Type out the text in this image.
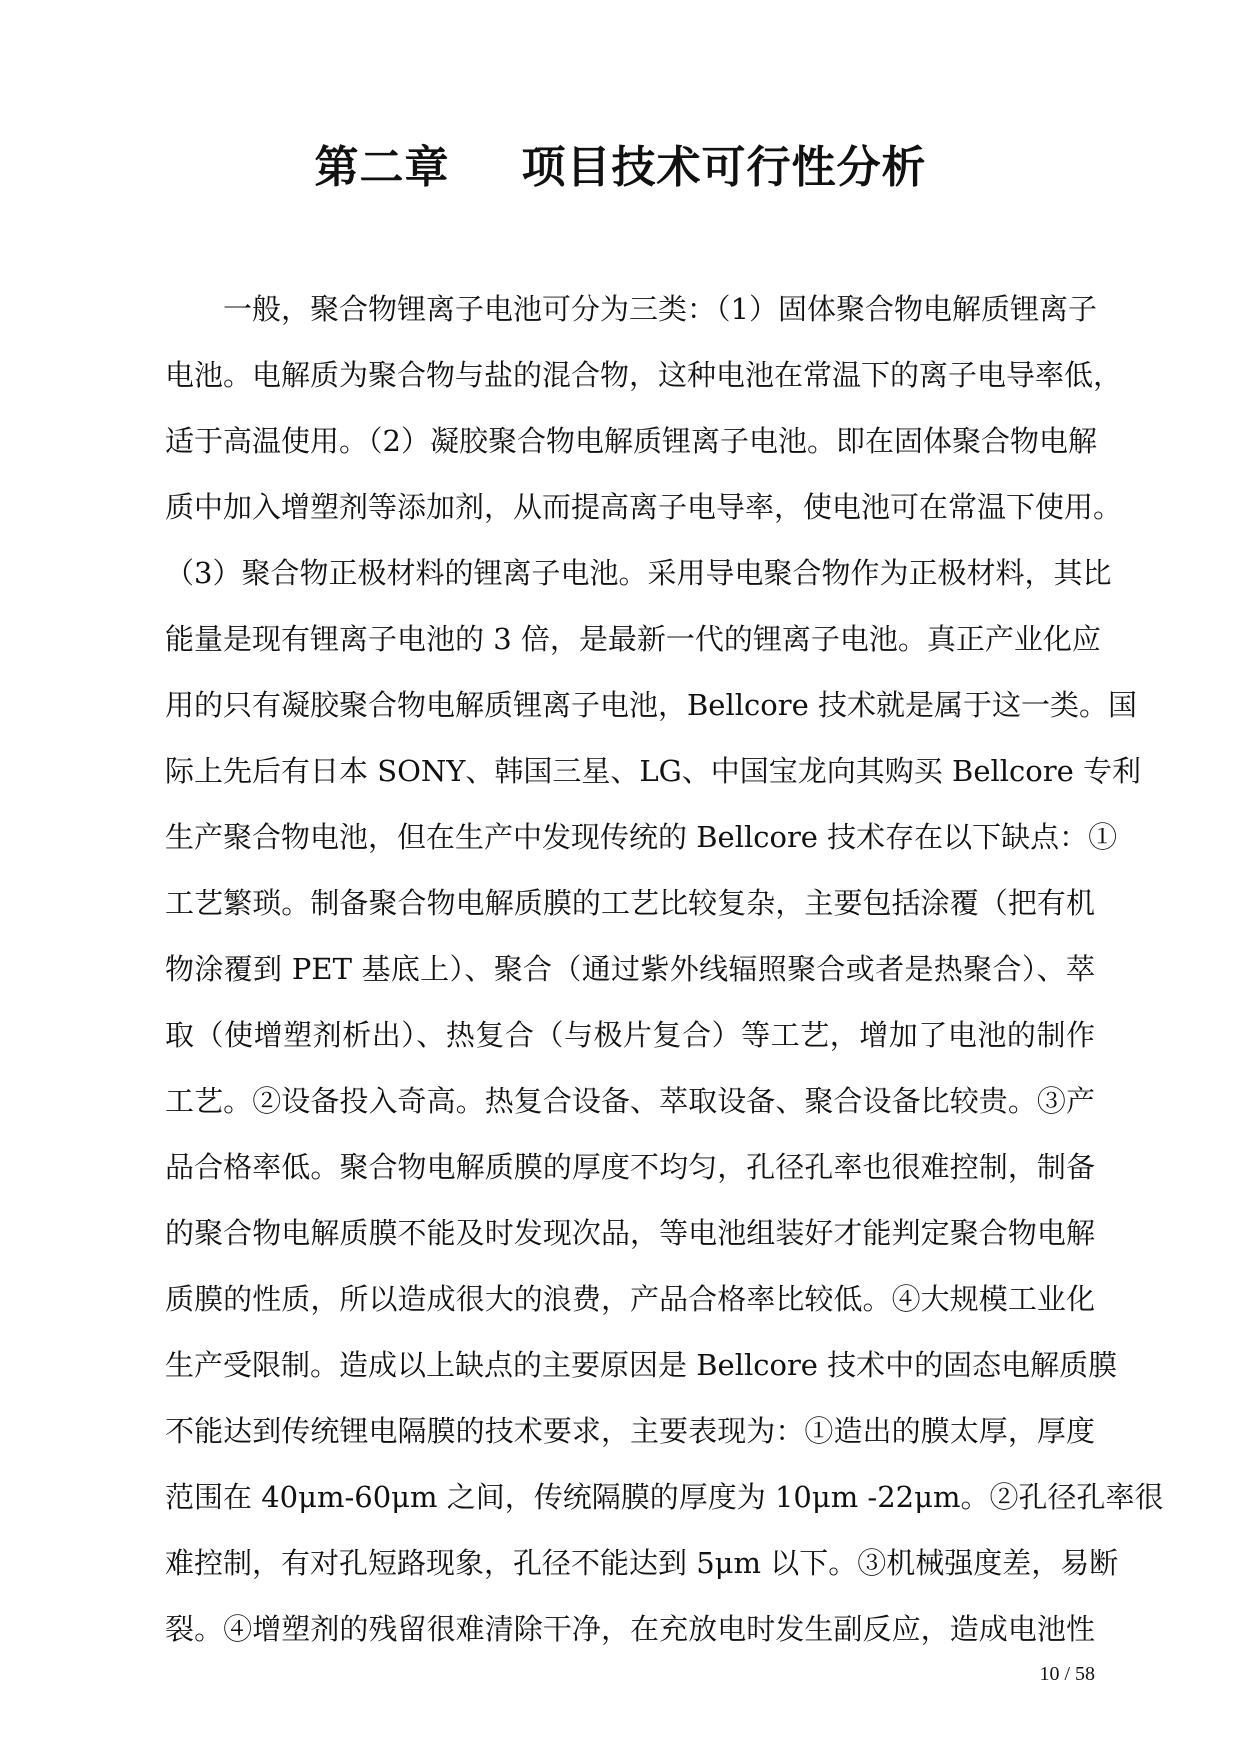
第二章 项目技术可行性分析
一般，聚合物锂离子电池可分为三类：（1）固体聚合物电解质锂离子
电池。电解质为聚合物与盐的混合物，这种电池在常温下的离子电导率低，
适于高温使用。（2）凝胶聚合物电解质锂离子电池。即在固体聚合物电解
质中加入增塑剂等添加剂，从而提高离子电导率，使电池可在常温下使用。
（3）聚合物正极材料的锂离子电池。采用导电聚合物作为正极材料，其比
能量是现有锂离子电池的 3 倍，是最新一代的锂离子电池。真正产业化应
用的只有凝胶聚合物电解质锂离子电池，Bellcore 技术就是属于这一类。国
际上先后有日本 SONY、韩国三星、LG、中国宝龙向其购买 Bellcore 专利
生产聚合物电池，但在生产中发现传统的 Bellcore 技术存在以下缺点：①
工艺繁琐。制备聚合物电解质膜的工艺比较复杂，主要包括涂覆（把有机
物涂覆到 PET 基底上）、聚合（通过紫外线辐照聚合或者是热聚合）、萃
取（使增塑剂析出）、热复合（与极片复合）等工艺，增加了电池的制作
工艺。②设备投入奇高。热复合设备、萃取设备、聚合设备比较贵。③产
品合格率低。聚合物电解质膜的厚度不均匀，孔径孔率也很难控制，制备
的聚合物电解质膜不能及时发现次品，等电池组装好才能判定聚合物电解
质膜的性质，所以造成很大的浪费，产品合格率比较低。④大规模工业化
生产受限制。造成以上缺点的主要原因是 Bellcore 技术中的固态电解质膜
不能达到传统锂电隔膜的技术要求，主要表现为：①造出的膜太厚，厚度
范围在 40μm-60μm 之间，传统隔膜的厚度为 10μm -22μm。②孔径孔率很
难控制，有对孔短路现象，孔径不能达到 5μm 以下。③机械强度差，易断
裂。④增塑剂的残留很难清除干净，在充放电时发生副反应，造成电池性
10 / 58
